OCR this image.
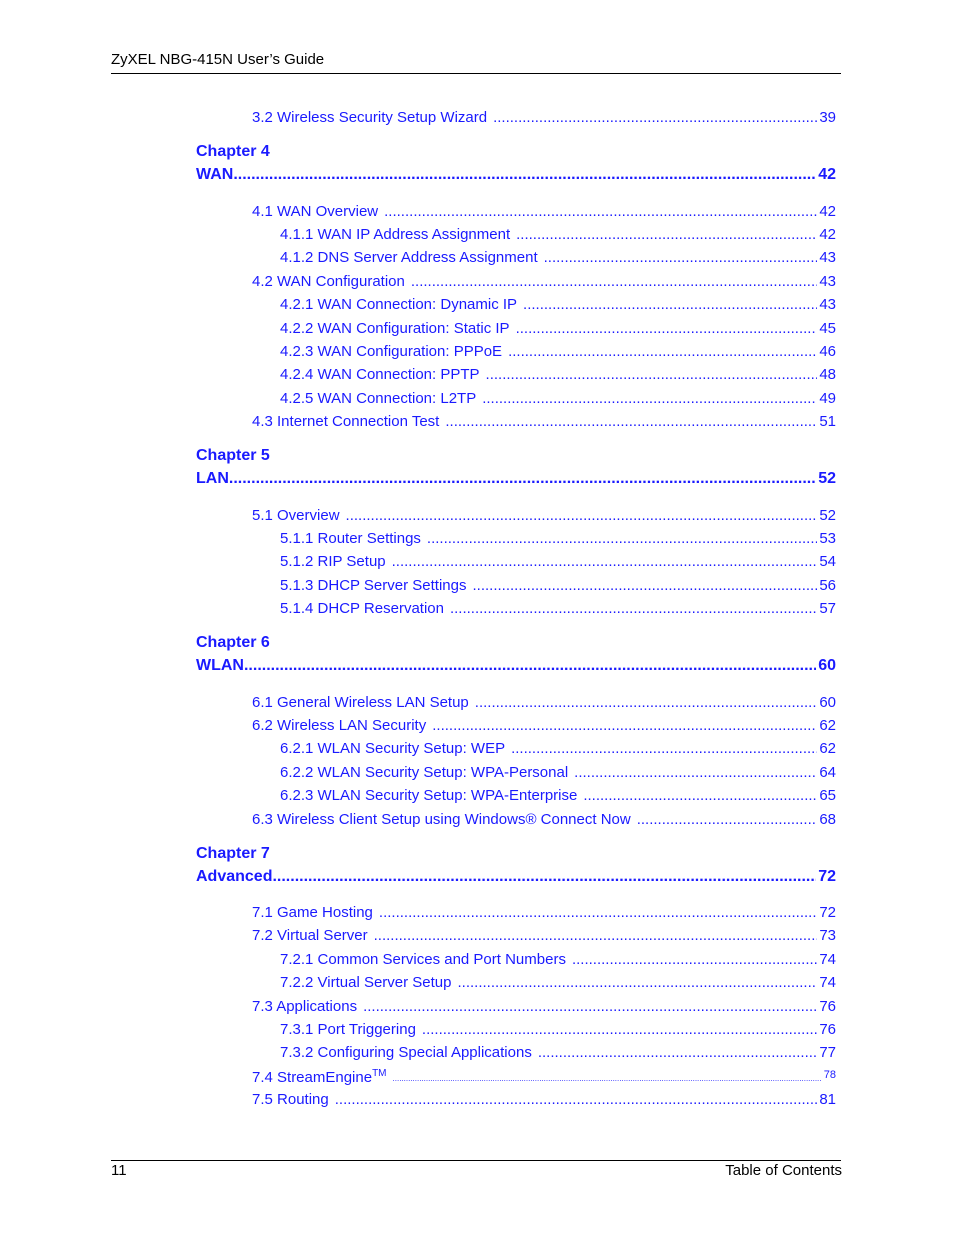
ZyXEL NBG-415N User’s Guide
3.2 Wireless Security Setup Wizard .....	39
Chapter 4
WAN .....	42
4.1 WAN Overview .....	42
4.1.1 WAN IP Address Assignment .....	42
4.1.2 DNS Server Address Assignment .....	43
4.2 WAN Configuration .....	43
4.2.1 WAN Connection: Dynamic IP .....	43
4.2.2 WAN Configuration: Static IP .....	45
4.2.3 WAN Configuration: PPPoE .....	46
4.2.4 WAN Connection: PPTP .....	48
4.2.5 WAN Connection: L2TP .....	49
4.3 Internet Connection Test .....	51
Chapter 5
LAN .....	52
5.1 Overview .....	52
5.1.1 Router Settings .....	53
5.1.2 RIP Setup .....	54
5.1.3 DHCP Server Settings .....	56
5.1.4 DHCP Reservation .....	57
Chapter 6
WLAN .....	60
6.1 General Wireless LAN Setup .....	60
6.2 Wireless LAN Security .....	62
6.2.1 WLAN Security Setup: WEP .....	62
6.2.2 WLAN Security Setup: WPA-Personal .....	64
6.2.3 WLAN Security Setup: WPA-Enterprise .....	65
6.3 Wireless Client Setup using Windows® Connect Now .....	68
Chapter 7
Advanced .....	72
7.1 Game Hosting .....	72
7.2 Virtual Server .....	73
7.2.1 Common Services and Port Numbers .....	74
7.2.2 Virtual Server Setup .....	74
7.3 Applications .....	76
7.3.1 Port Triggering .....	76
7.3.2 Configuring Special Applications .....	77
7.4 StreamEngine™ .....	78
7.5 Routing .....	81
11	Table of Contents
